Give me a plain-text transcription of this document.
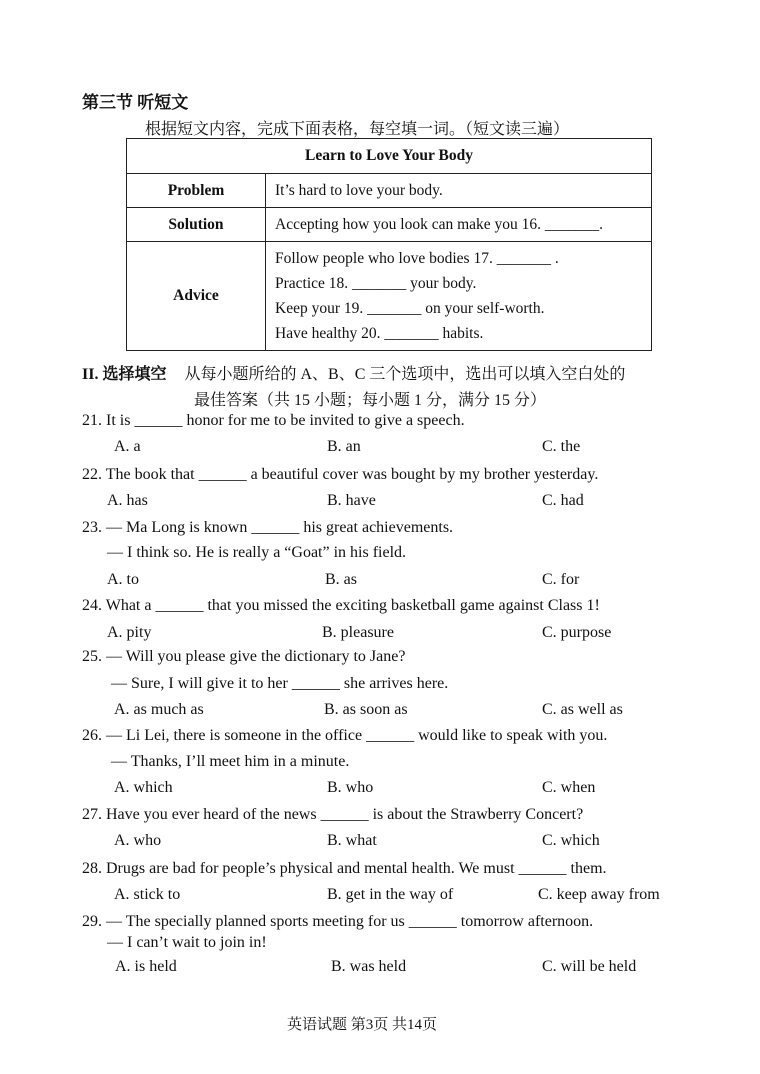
第三节 听短文
根据短文内容，完成下面表格，每空填一词。（短文读三遍）
Learn to Love Your Body	
Problem	It’s hard to love your body.
Solution	Accepting how you look can make you 16. _______.
Advice	Follow people who love bodies 17. _______ .
Practice 18. _______ your body.
Keep your 19. _______ on your self-worth.
Have healthy 20. _______ habits.
II. 选择填空 从每小题所给的 A、B、C 三个选项中，选出可以填入空白处的
最佳答案（共 15 小题；每小题 1 分，满分 15 分）
21. It is ______ honor for me to be invited to give a speech.
A. a	B. an	C. the
22. The book that ______ a beautiful cover was bought by my brother yesterday.
A. has	B. have	C. had
23. — Ma Long is known ______ his great achievements.
— I think so. He is really a “Goat” in his field.
A. to	B. as	C. for
24. What a ______ that you missed the exciting basketball game against Class 1!
A. pity	B. pleasure	C. purpose
25. — Will you please give the dictionary to Jane?
— Sure, I will give it to her ______ she arrives here.
A. as much as	B. as soon as	C. as well as
26. — Li Lei, there is someone in the office ______ would like to speak with you.
— Thanks, I’ll meet him in a minute.
A. which	B. who	C. when
27. Have you ever heard of the news ______ is about the Strawberry Concert?
A. who	B. what	C. which
28. Drugs are bad for people’s physical and mental health. We must ______ them.
A. stick to	B. get in the way of	C. keep away from
29. — The specially planned sports meeting for us ______ tomorrow afternoon.
— I can’t wait to join in!
A. is held	B. was held	C. will be held
英语试题 第3页 共14页
